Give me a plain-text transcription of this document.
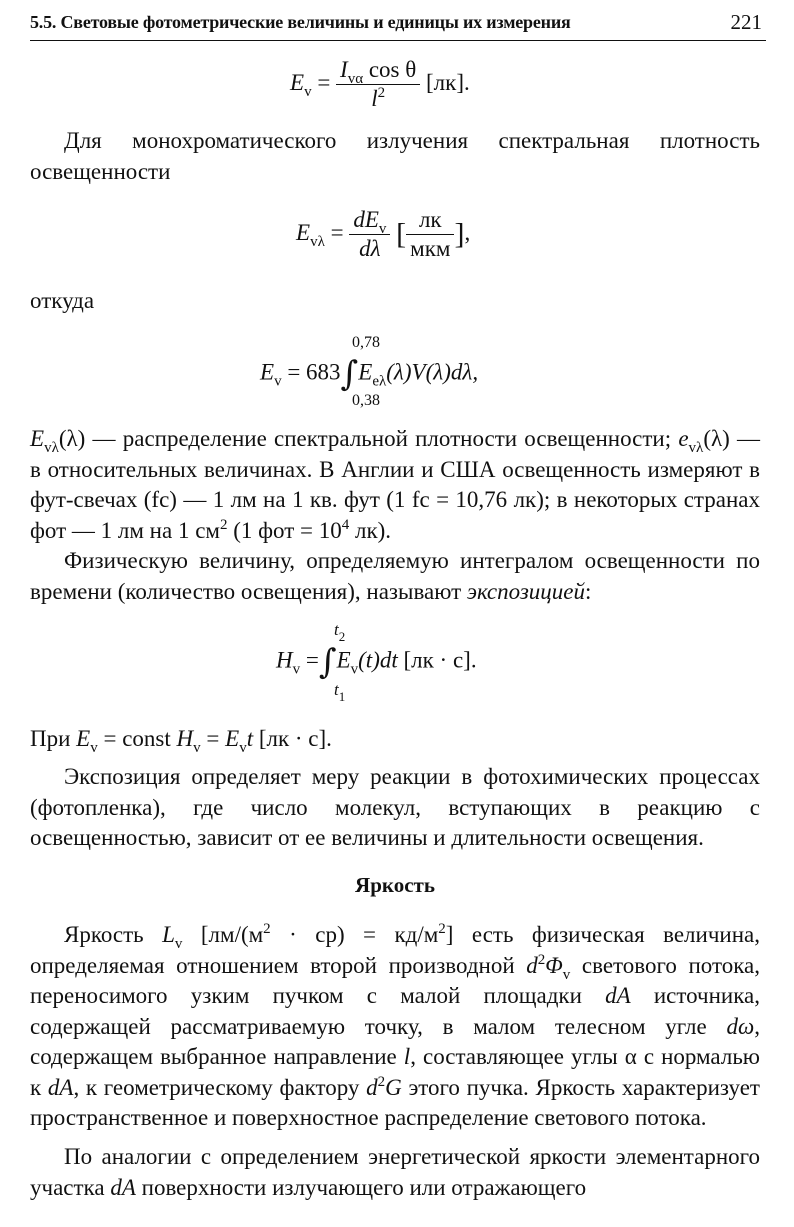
5.5. Световые фотометрические величины и единицы их измерения	221
$E_v = \frac{I_{v\alpha} \cos \theta}{l^2} [лк]$.
Для монохроматического излучения спектральная плотность освещенности
$E_{v\lambda} = \frac{dE_v}{d\lambda}$ [ $\frac{лк}{\text{мкм}}$ ],
откуда
0,78
0,38
$E_v = 683\int E_{e\lambda}(\lambda)V(\lambda)d\lambda$,
$E_{v\lambda}(\lambda)$ — распределение спектральной плотности освещенности; $e_{v\lambda}(\lambda)$ — в относительных величинах. В Англии и США освещенность измеряют в фут-свечах (fc) — 1 лм на 1 кв. фут (1 fc = 10,76 лк); в некоторых странах фот — 1 лм на 1 $см^2$ (1 фот = $10^4$ лк).
Физическую величину, определяемую интегралом освещенности по времени (количество освещения), называют экспозицией:
$t_2$
$t_1$
$H_v =\int E_v(t)dt$ [лк · с].
При $E_v$ = const $H_v = E_vt$ [лк · с].
Экспозиция определяет меру реакции в фотохимических процессах (фотопленка), где число молекул, вступающих в реакцию с освещенностью, зависит от ее величины и длительности освещения.
Яркость
Яркость $L_v$ $[лм/(м^2 \cdot ср) = кд/м^2]$ есть физическая величина, определяемая отношением второй производной $d^2\Phi_v$ светового потока, переносимого узким пучком с малой площадки dA источника, содержащей рассматриваемую точку, в малом телесном угле dω, содержащем выбранное направление l, составляющее углы α с нормалью к dA, к геометрическому фактору $d^2G$ этого пучка. Яркость характеризует пространственное и поверхностное распределение светового потока.
По аналогии с определением энергетической яркости элементарного участка dA поверхности излучающего или отражающего
